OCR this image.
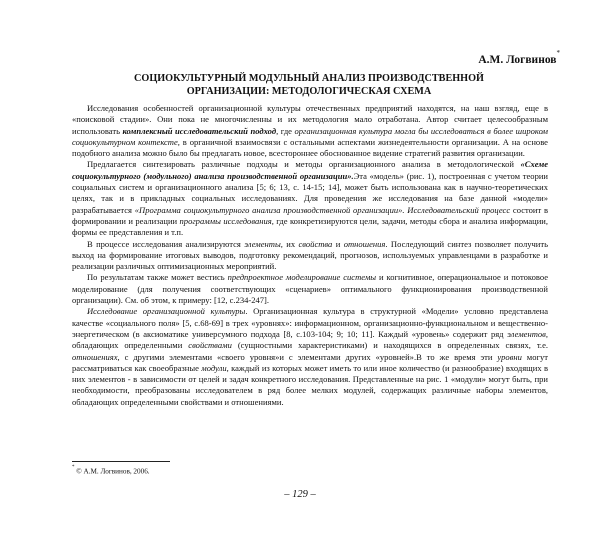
А.М. Логвинов*
СОЦИОКУЛЬТУРНЫЙ МОДУЛЬНЫЙ АНАЛИЗ ПРОИЗВОДСТВЕННОЙ
ОРГАНИЗАЦИИ: МЕТОДОЛОГИЧЕСКАЯ СХЕМА

Исследования особенностей организационной культуры отечественных предприятий находятся, на наш взгляд, еще в «поисковой стадии». Они пока не многочисленны и их методология мало отработана. Автор считает целесообразным использовать комплексный исследовательский подход, где организационная культура могла бы исследоваться в более широком социокультурном контексте, в органичной взаимосвязи с остальными аспектами жизнедеятельности организации. А на основе подобного анализа можно было бы предлагать новое, всестороннее обоснованное видение стратегий развития организации.

Предлагается синтезировать различные подходы и методы организационного анализа в методологической «Схеме социокультурного (модульного) анализа производственной организации».Эта «модель» (рис. 1), построенная с учетом теории социальных систем и организационного анализа [5; 6; 13, с. 14-15; 14], может быть использована как в научно-теоретических целях, так и в прикладных социальных исследованиях. Для проведения же исследования на базе данной «модели» разрабатывается «Программа социокультурного анализа производственной организации». Исследовательский процесс состоит в формировании и реализации программы исследования, где конкретизируются цели, задачи, методы сбора и анализа информации, формы ее представления и т.п.

В процессе исследования анализируются элементы, их свойства и отношения. Последующий синтез позволяет получить выход на формирование итоговых выводов, подготовку рекомендаций, прогнозов, используемых управленцами в разработке и реализации различных оптимизационных мероприятий.

По результатам также может вестись предпроектное моделирование системы и когнитивное, операциональное и потоковое моделирование (для получения соответствующих «сценариев» оптимального функционирования производственной организации). См. об этом, к примеру: [12, с.234-247].

Исследование организационной культуры. Организационная культура в структурной «Модели» условно представлена качестве «социального поля» [5, с.68-69] в трех «уровнях»: информационном, организационно-функциональном и вещественно-энергетическом (в аксиоматике универсумного подхода [8, с.103-104; 9; 10; 11]. Каждый «уровень» содержит ряд элементов, обладающих определенными свойствами (сущностными характеристиками) и находящихся в определенных связях, т.е. отношениях, с другими элементами «своего уровня»и с элементами других «уровней».В то же время эти уровни могут рассматриваться как своеобразные модули, каждый из которых может иметь то или иное количество (и разнообразие) входящих в них элементов - в зависимости от целей и задач конкретного исследования. Представленные на рис. 1 «модули» могут быть, при необходимости, преобразованы исследователем в ряд более мелких модулей, содержащих различные наборы элементов, обладающих определенными свойствами и отношениями.

* © А.М. Логвинов, 2006.
– 129 –
